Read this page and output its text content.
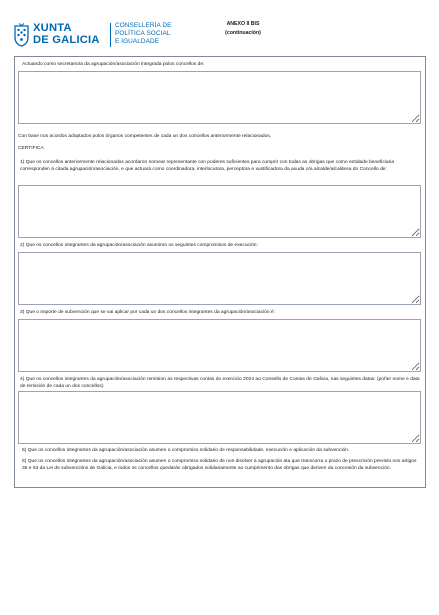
XUNTA
DE GALICIA
CONSELLERÍA DE
POLÍTICA SOCIAL
E IGUALDADE
ANEXO II BIS
(continuación)
Actuando como secretario/a da agrupación/asociación integrada polos concellos de:
Con base nos acordos adoptados polos órganos competentes de cada un dos concellos anteriormente relacionados,
CERTIFICA
1) Que os concellos anteriormente relacionados acordaron nomear representante con poderes suficientes para cumprir con todas as obrigas que como entidade beneficiaria corresponden á citada agrupación/asociación, e que actuará como coordinadora, interlocutora, perceptora e xustificadora da axuda o/a alcalde/alcaldesa do Concello de:
2) Que os concellos integrantes da agrupación/asociación asumiron os seguintes compromisos de execución:
3) Que o importe de subvención que se vai aplicar por cada un dos concellos integrantes da agrupación/asociación é:
4) Que os concellos integrantes da agrupación/asociación remitiron as respectivas contas do exercicio 2024 ao Consello de Contas de Galicia, nas seguintes datas: (poñer nome e data de remisión de cada un dos concellos)
5) Que os concellos integrantes da agrupación/asociación asumen o compromiso solidario de responsabilidade, execución e aplicación da subvención.
6) Que os concellos integrantes da agrupación/asociación asumen o compromiso solidario de non disolver a agrupación ata que transcorra o prazo de prescrición previsto nos artigos 35 e 63 da Lei de subvencións de Galicia, e todos os concellos quedarán obrigados solidariamente ao cumprimento das obrigas que deriven da concesión da subvención.
